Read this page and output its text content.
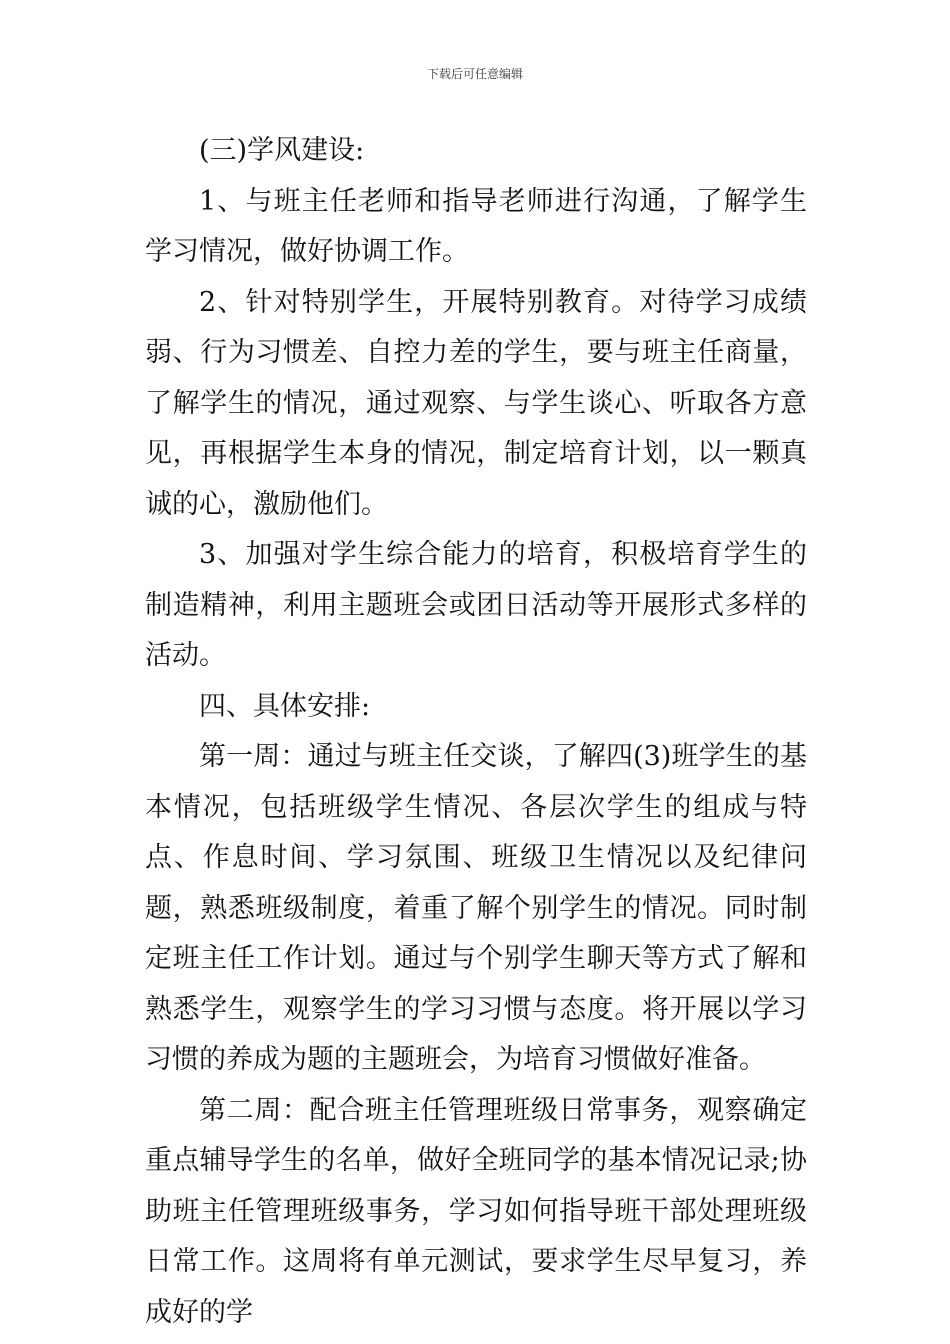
下载后可任意编辑

(三)学风建设:

1、与班主任老师和指导老师进行沟通，了解学生学习情况，做好协调工作。

2、针对特别学生，开展特别教育。对待学习成绩弱、行为习惯差、自控力差的学生，要与班主任商量，了解学生的情况，通过观察、与学生谈心、听取各方意见，再根据学生本身的情况，制定培育计划，以一颗真诚的心，激励他们。

3、加强对学生综合能力的培育，积极培育学生的制造精神，利用主题班会或团日活动等开展形式多样的活动。

四、具体安排:

第一周：通过与班主任交谈，了解四(3)班学生的基本情况，包括班级学生情况、各层次学生的组成与特点、作息时间、学习氛围、班级卫生情况以及纪律问题，熟悉班级制度，着重了解个别学生的情况。同时制定班主任工作计划。通过与个别学生聊天等方式了解和熟悉学生，观察学生的学习习惯与态度。将开展以学习习惯的养成为题的主题班会，为培育习惯做好准备。

第二周：配合班主任管理班级日常事务，观察确定重点辅导学生的名单，做好全班同学的基本情况记录;协助班主任管理班级事务，学习如何指导班干部处理班级日常工作。这周将有单元测试，要求学生尽早复习，养成好的学
